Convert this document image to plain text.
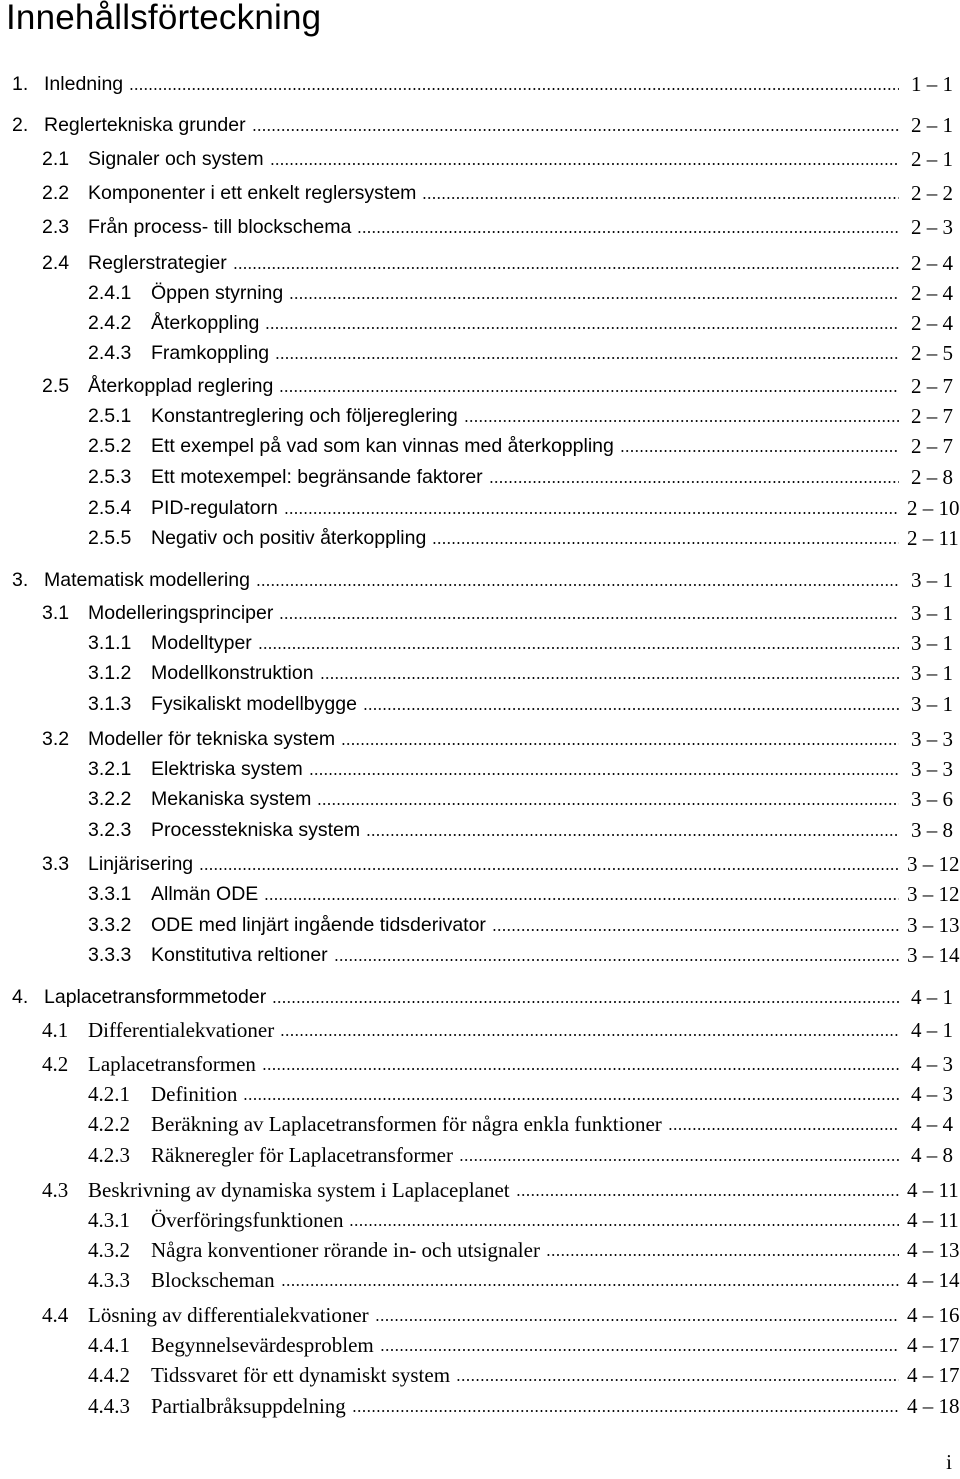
Innehållsförteckning
1. Inledning	1 – 1
2. Reglertekniska grunder	2 – 1
2.1 Signaler och system	2 – 1
2.2 Komponenter i ett enkelt reglersystem	2 – 2
2.3 Från process- till blockschema	2 – 3
2.4 Reglerstrategier	2 – 4
2.4.1 Öppen styrning	2 – 4
2.4.2 Återkoppling	2 – 4
2.4.3 Framkoppling	2 – 5
2.5 Återkopplad reglering	2 – 7
2.5.1 Konstantreglering och följereglering	2 – 7
2.5.2 Ett exempel på vad som kan vinnas med återkoppling	2 – 7
2.5.3 Ett motexempel: begränsande faktorer	2 – 8
2.5.4 PID-regulatorn	2 – 10
2.5.5 Negativ och positiv återkoppling	2 – 11
3. Matematisk modellering	3 – 1
3.1 Modelleringsprinciper	3 – 1
3.1.1 Modelltyper	3 – 1
3.1.2 Modellkonstruktion	3 – 1
3.1.3 Fysikaliskt modellbygge	3 – 1
3.2 Modeller för tekniska system	3 – 3
3.2.1 Elektriska system	3 – 3
3.2.2 Mekaniska system	3 – 6
3.2.3 Processtekniska system	3 – 8
3.3 Linjärisering	3 – 12
3.3.1 Allmän ODE	3 – 12
3.3.2 ODE med linjärt ingående tidsderivator	3 – 13
3.3.3 Konstitutiva reltioner	3 – 14
4. Laplacetransformmetoder	4 – 1
4.1 Differentialekvationer	4 – 1
4.2 Laplacetransformen	4 – 3
4.2.1 Definition	4 – 3
4.2.2 Beräkning av Laplacetransformen för några enkla funktioner	4 – 4
4.2.3 Räkneregler för Laplacetransformer	4 – 8
4.3 Beskrivning av dynamiska system i Laplaceplanet	4 – 11
4.3.1 Överföringsfunktionen	4 – 11
4.3.2 Några konventioner rörande in- och utsignaler	4 – 13
4.3.3 Blockscheman	4 – 14
4.4 Lösning av differentialekvationer	4 – 16
4.4.1 Begynnelsevärdesproblem	4 – 17
4.4.2 Tidssvaret för ett dynamiskt system	4 – 17
4.4.3 Partialbråksuppdelning	4 – 18
i
